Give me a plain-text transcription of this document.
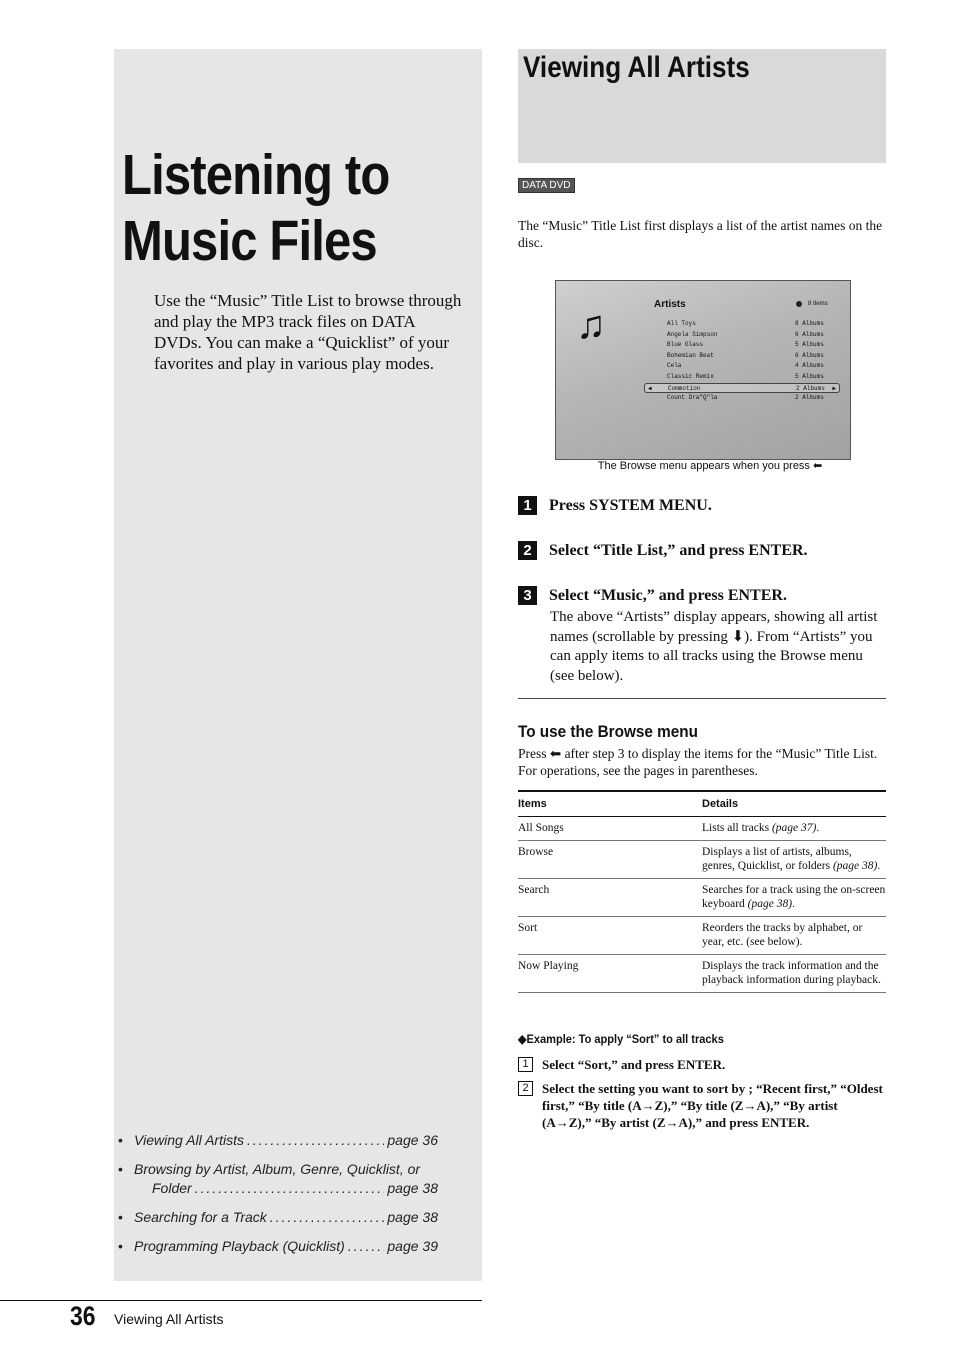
Listening to
Music Files

Use the “Music” Title List to browse through and play the MP3 track files on DATA DVDs. You can make a “Quicklist” of your favorites and play in various play modes.

• Viewing All Artists .....	page 36
• Browsing by Artist, Album, Genre, Quicklist, or
Folder .....	page 38
• Searching for a Track .....	page 38
• Programming Playback (Quicklist) .....	page 39
36 Viewing All Artists
Viewing All Artists
DATA DVD

The “Music” Title List first displays a list of the artist names on the disc.

♫	Artists	8 Items
All Toys	8 Albums
Angela Simpson	6 Albums
Blue Glass	5 Albums
Bohemian Beat	6 Albums
Cela	4 Albums
Classic Remix	5 Albums
◀ Commotion	2 Albums
▶
Count Dra"Q"la	2 Albums
The Browse menu appears when you press ⬅
1	Press SYSTEM MENU.
2	Select “Title List,” and press ENTER.
3	Select “Music,” and press ENTER.

The above “Artists” display appears, showing all artist names (scrollable by pressing ⬇). From “Artists” you can apply items to all tracks using the Browse menu (see below).

To use the Browse menu

Press ⬅ after step 3 to display the items for the “Music” Title List. For operations, see the pages in parentheses.

Items	Details
All Songs	Lists all tracks (page 37).
Browse	Displays a list of artists, albums, genres, Quicklist, or folders (page 38).
Search	Searches for a track using the on-screen keyboard (page 38).
Sort	Reorders the tracks by alphabet, or year, etc. (see below).
Now Playing	Displays the track information and the playback information during playback.
◆Example: To apply “Sort” to all tracks
1	Select “Sort,” and press ENTER.
2	Select the setting you want to sort by ; “Recent first,” “Oldest first,” “By title (A→Z),” “By title (Z→A),” “By artist (A→Z),” “By artist (Z→A),” and press ENTER.
